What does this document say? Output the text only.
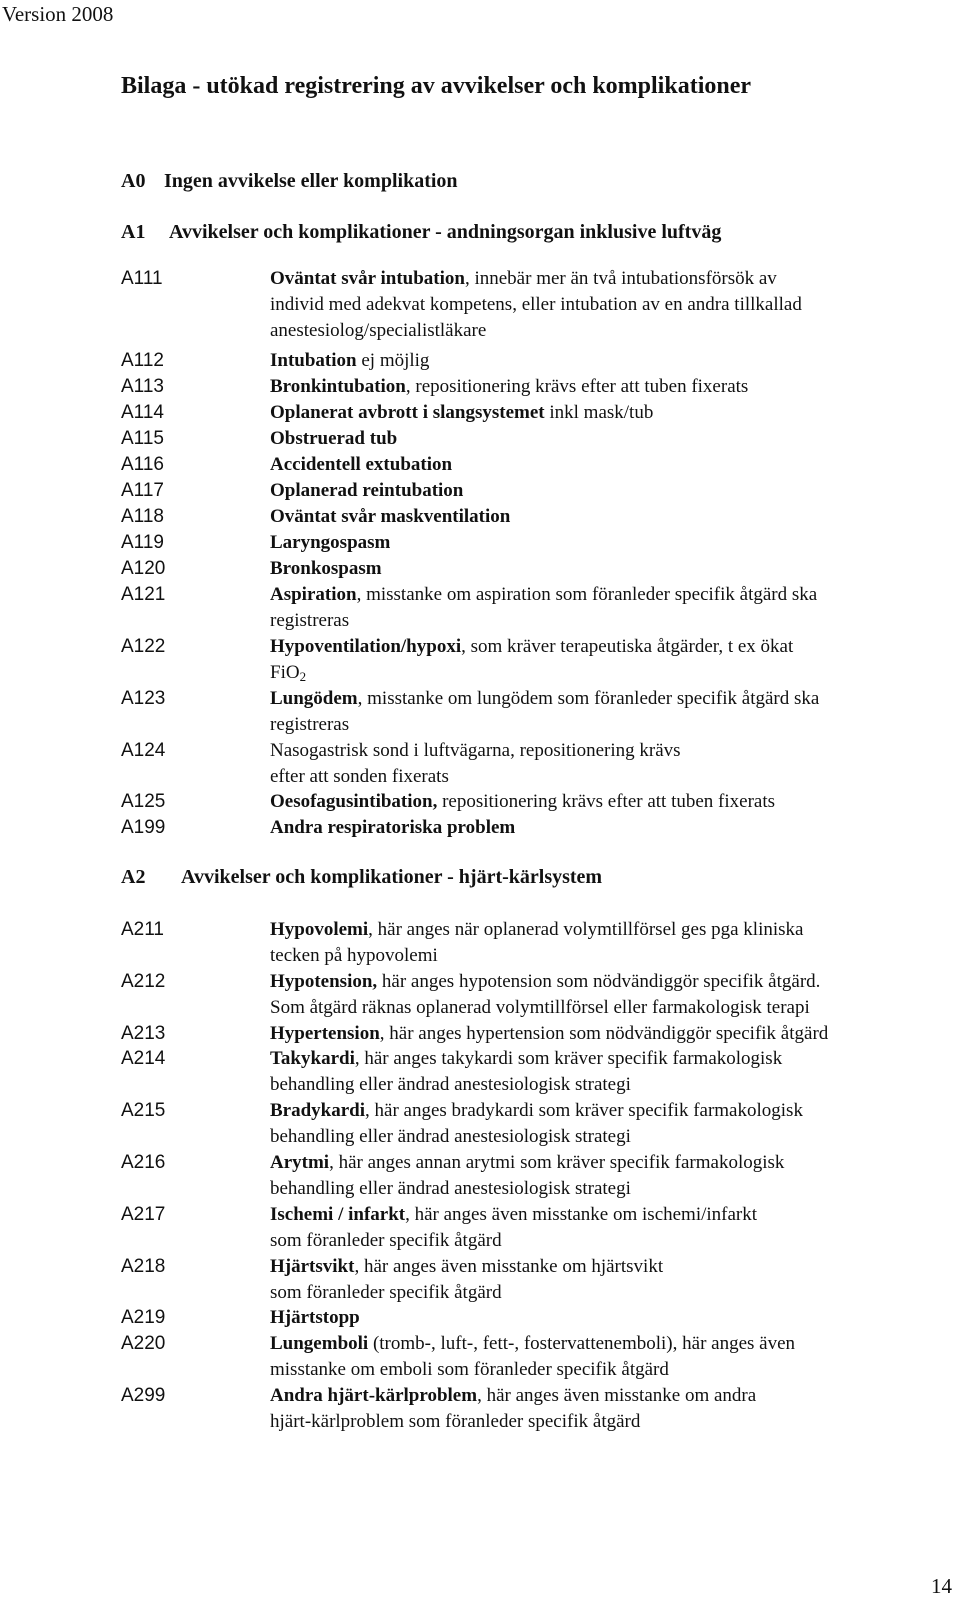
Version 2008
Bilaga - utökad registrering av avvikelser och komplikationer
A0 Ingen avvikelse eller komplikation
A1 Avvikelser och komplikationer - andningsorgan inklusive luftväg
A111	Oväntat svår intubation, innebär mer än två intubationsförsök av
individ med adekvat kompetens, eller intubation av en andra tillkallad
anestesiolog/specialistläkare
A112	Intubation ej möjlig
A113	Bronkintubation, repositionering krävs efter att tuben fixerats
A114	Oplanerat avbrott i slangsystemet inkl mask/tub
A115	Obstruerad tub
A116	Accidentell extubation
A117	Oplanerad reintubation
A118	Oväntat svår maskventilation
A119	Laryngospasm
A120	Bronkospasm
A121	Aspiration, misstanke om aspiration som föranleder specifik åtgärd ska
registreras
A122	Hypoventilation/hypoxi, som kräver terapeutiska åtgärder, t ex ökat
FiO$_2$
A123	Lungödem, misstanke om lungödem som föranleder specifik åtgärd ska
registreras
A124	Nasogastrisk sond i luftvägarna, repositionering krävs
efter att sonden fixerats
A125	Oesofagusintibation, repositionering krävs efter att tuben fixerats
A199	Andra respiratoriska problem
A2 Avvikelser och komplikationer - hjärt-kärlsystem
A211	Hypovolemi, här anges när oplanerad volymtillförsel ges pga kliniska
tecken på hypovolemi
A212	Hypotension, här anges hypotension som nödvändiggör specifik åtgärd.
Som åtgärd räknas oplanerad volymtillförsel eller farmakologisk terapi
A213	Hypertension, här anges hypertension som nödvändiggör specifik åtgärd
A214	Takykardi, här anges takykardi som kräver specifik farmakologisk
behandling eller ändrad anestesiologisk strategi
A215	Bradykardi, här anges bradykardi som kräver specifik farmakologisk
behandling eller ändrad anestesiologisk strategi
A216	Arytmi, här anges annan arytmi som kräver specifik farmakologisk
behandling eller ändrad anestesiologisk strategi
A217	Ischemi / infarkt, här anges även misstanke om ischemi/infarkt
som föranleder specifik åtgärd
A218	Hjärtsvikt, här anges även misstanke om hjärtsvikt
som föranleder specifik åtgärd
A219	Hjärtstopp
A220	Lungemboli (tromb-, luft-, fett-, fostervattenemboli), här anges även
misstanke om emboli som föranleder specifik åtgärd
A299	Andra hjärt-kärlproblem, här anges även misstanke om andra
hjärt-kärlproblem som föranleder specifik åtgärd
14
